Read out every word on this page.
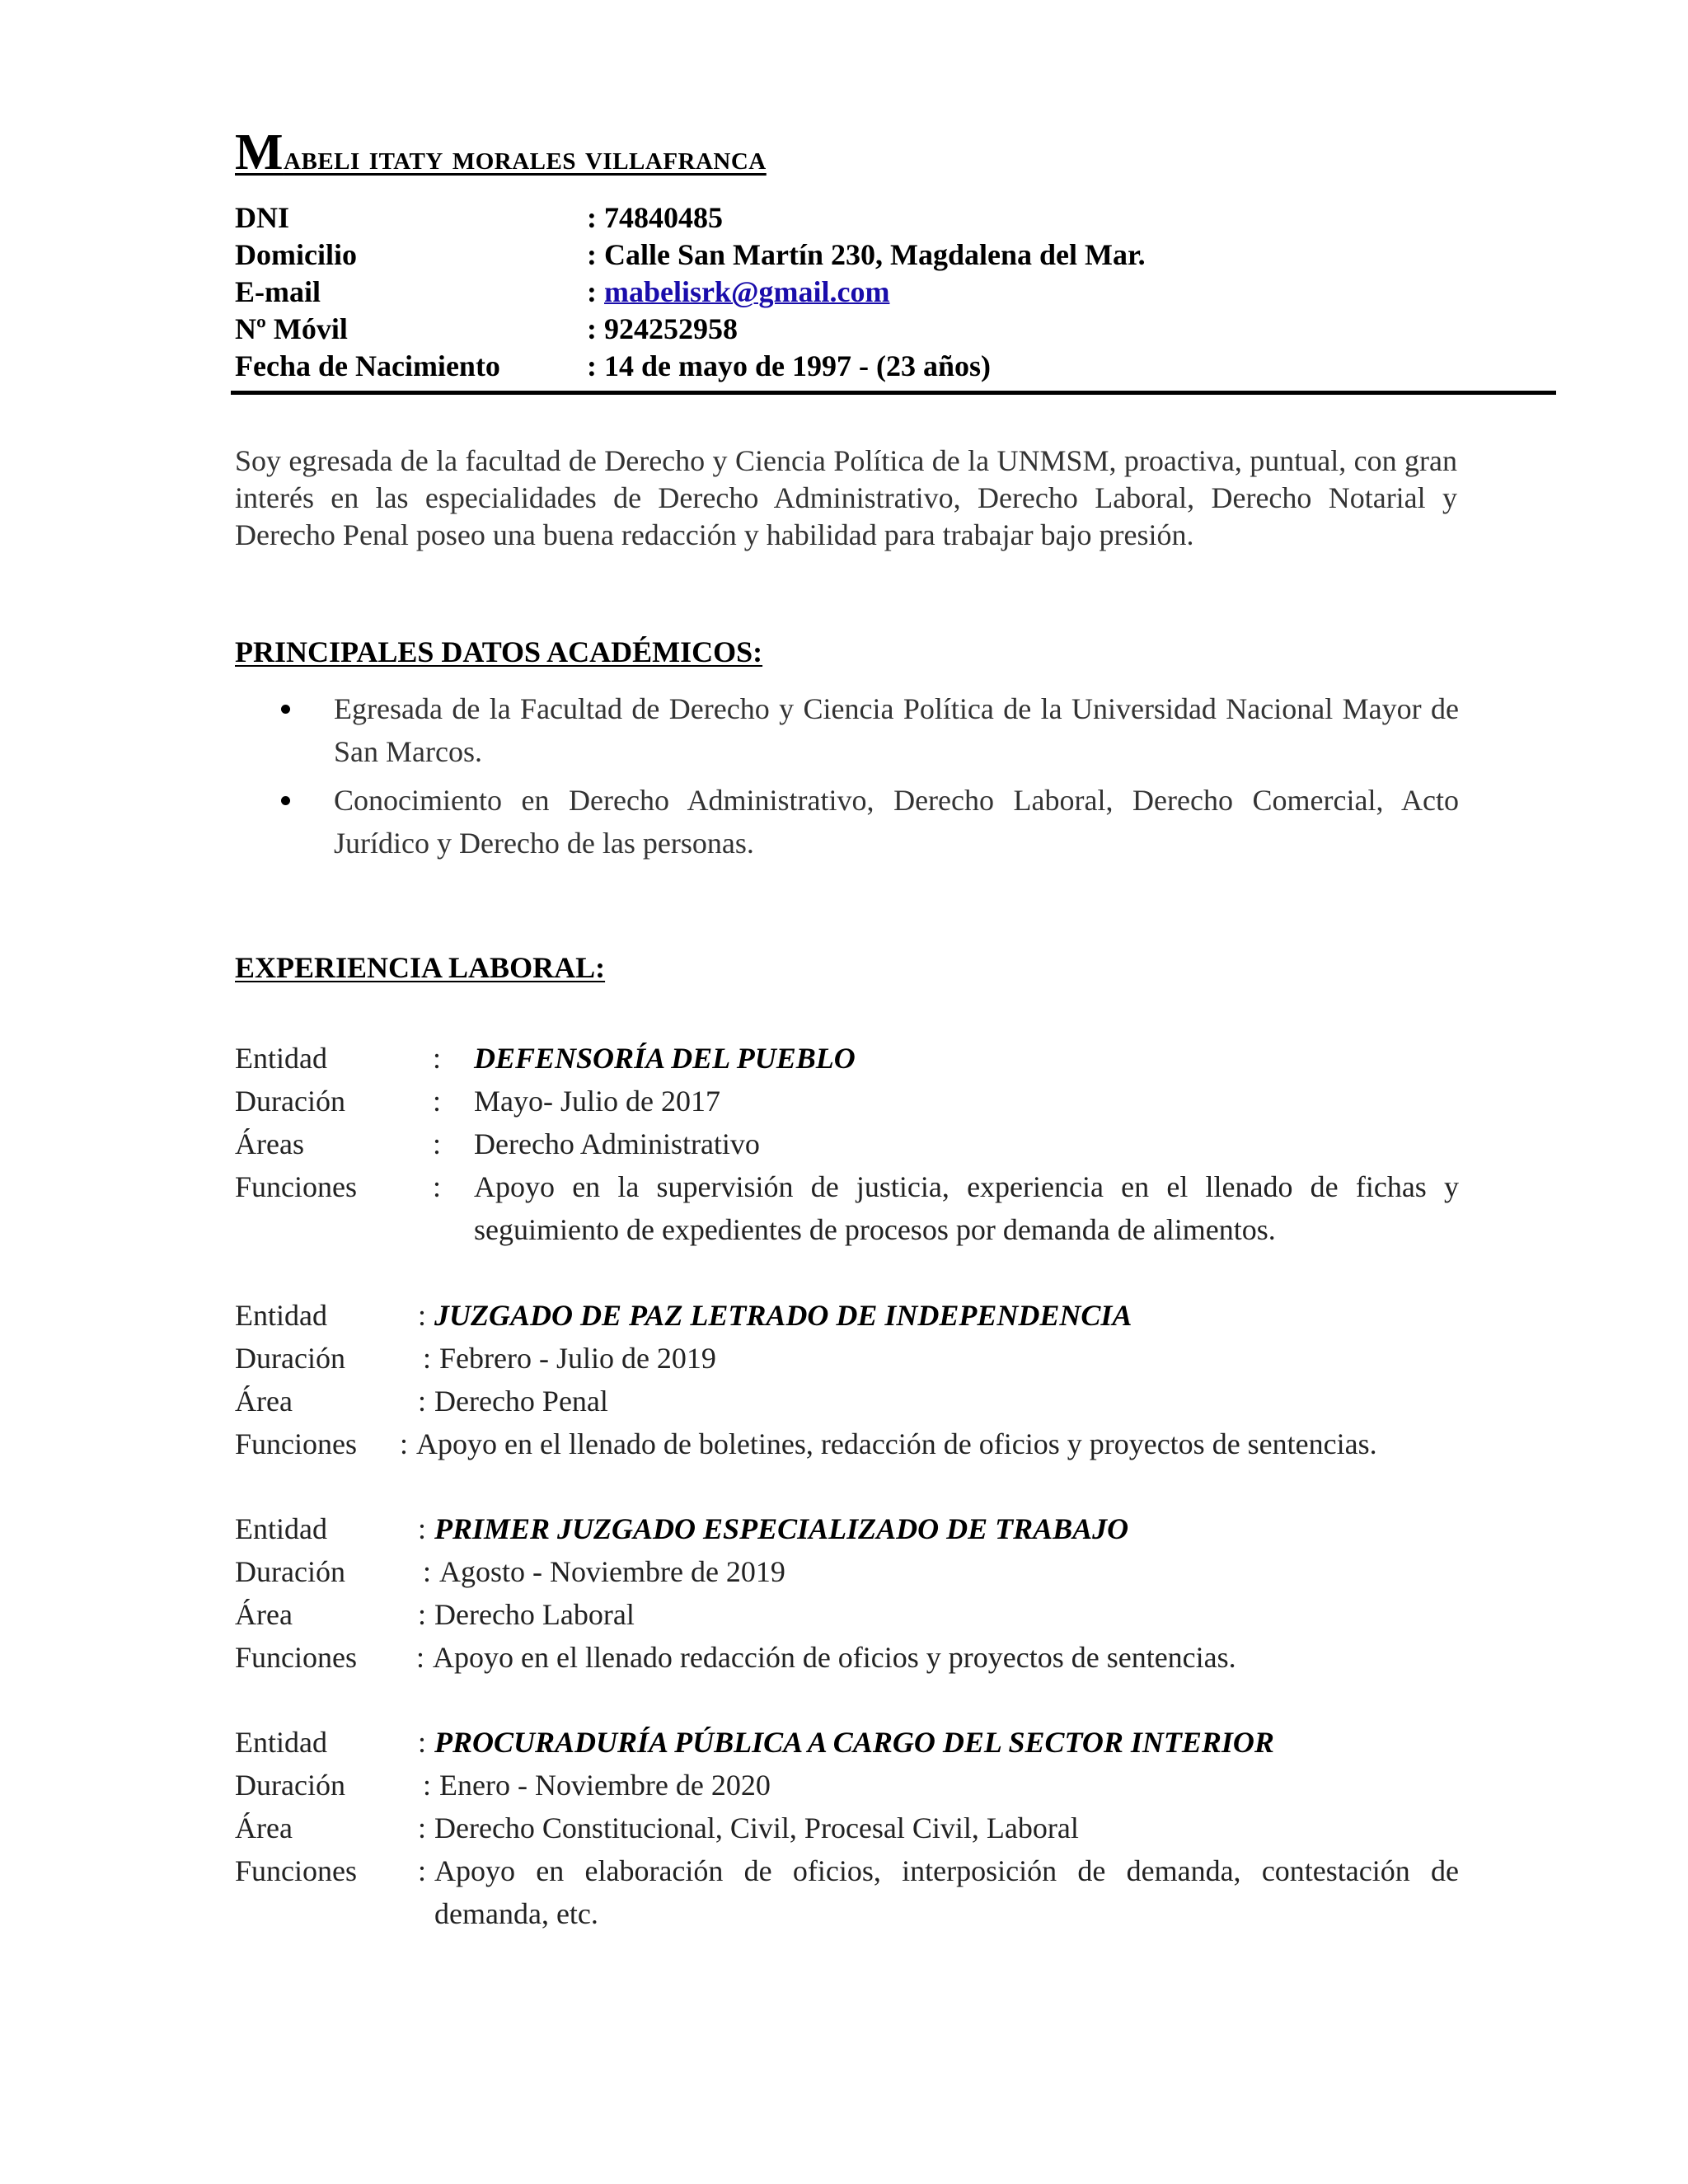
Mabeli itaty morales villafranca
DNI	: 74840485
Domicilio	: Calle San Martín 230, Magdalena del Mar.
E-mail	: mabelisrk@gmail.com
Nº Móvil	: 924252958
Fecha de Nacimiento	: 14 de mayo de 1997 - (23 años)
Soy egresada de la facultad de Derecho y Ciencia Política de la UNMSM, proactiva, puntual, con gran interés en las especialidades de Derecho Administrativo, Derecho Laboral, Derecho Notarial y Derecho Penal poseo una buena redacción y habilidad para trabajar bajo presión.
PRINCIPALES DATOS ACADÉMICOS:
Egresada de la Facultad de Derecho y Ciencia Política de la Universidad Nacional Mayor de San Marcos.
Conocimiento en Derecho Administrativo, Derecho Laboral, Derecho Comercial, Acto Jurídico y Derecho de las personas.
EXPERIENCIA LABORAL:
Entidad	:	DEFENSORÍA DEL PUEBLO
Duración	:	Mayo- Julio de 2017
Áreas	:	Derecho Administrativo
Funciones	:	Apoyo en la supervisión de justicia, experiencia en el llenado de fichas y seguimiento de expedientes de procesos por demanda de alimentos.
Entidad	: JUZGADO DE PAZ LETRADO DE INDEPENDENCIA
Duración	: Febrero - Julio de 2019
Área	: Derecho Penal
Funciones	: Apoyo en el llenado de boletines, redacción de oficios y proyectos de sentencias.
Entidad	: PRIMER JUZGADO ESPECIALIZADO DE TRABAJO
Duración	: Agosto - Noviembre de 2019
Área	: Derecho Laboral
Funciones	: Apoyo en el llenado redacción de oficios y proyectos de sentencias.
Entidad	: PROCURADURÍA PÚBLICA A CARGO DEL SECTOR INTERIOR
Duración	: Enero - Noviembre de 2020
Área	: Derecho Constitucional, Civil, Procesal Civil, Laboral
Funciones	: Apoyo en elaboración de oficios, interposición de demanda, contestación de demanda, etc.
